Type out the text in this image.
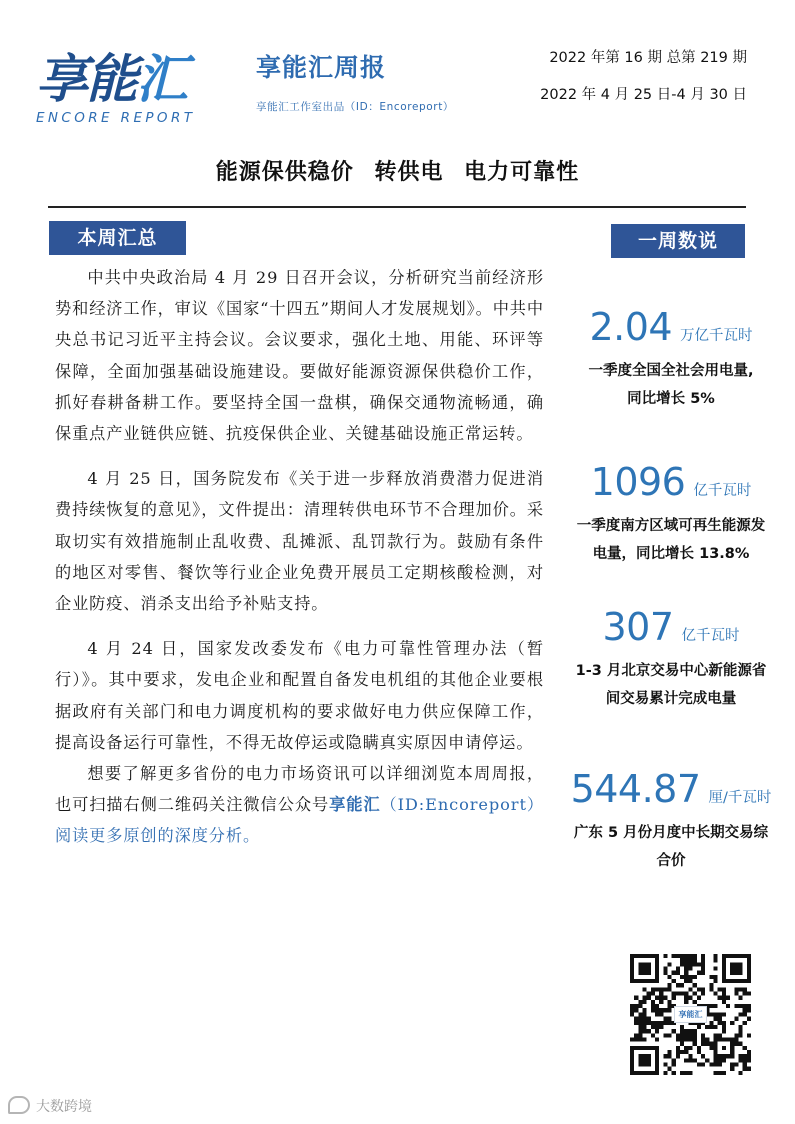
享能汇
ENCORE REPORT
享能汇周报
享能汇工作室出品（ID：Encoreport）
2022 年第 16 期 总第 219 期
2022 年 4 月 25 日-4 月 30 日
能源保供稳价 转供电 电力可靠性
本周汇总	一周数说

中共中央政治局 4 月 29 日召开会议，分析研究当前经济形势和经济工作，审议《国家“十四五”期间人才发展规划》。中共中央总书记习近平主持会议。会议要求，强化土地、用能、环评等保障，全面加强基础设施建设。要做好能源资源保供稳价工作，抓好春耕备耕工作。要坚持全国一盘棋，确保交通物流畅通，确保重点产业链供应链、抗疫保供企业、关键基础设施正常运转。

4 月 25 日，国务院发布《关于进一步释放消费潜力促进消费持续恢复的意见》，文件提出：清理转供电环节不合理加价。采取切实有效措施制止乱收费、乱摊派、乱罚款行为。鼓励有条件的地区对零售、餐饮等行业企业免费开展员工定期核酸检测，对企业防疫、消杀支出给予补贴支持。

4 月 24 日，国家发改委发布《电力可靠性管理办法（暂行）》。其中要求，发电企业和配置自备发电机组的其他企业要根据政府有关部门和电力调度机构的要求做好电力供应保障工作，提高设备运行可靠性，不得无故停运或隐瞒真实原因申请停运。

想要了解更多省份的电力市场资讯可以详细浏览本周周报，也可扫描右侧二维码关注微信公众号享能汇（ID:Encoreport）阅读更多原创的深度分析。

2.04 万亿千瓦时
一季度全国全社会用电量,
同比增长 5%
1096 亿千瓦时
一季度南方区域可再生能源发
电量，同比增长 13.8%
307 亿千瓦时
1-3 月北京交易中心新能源省
间交易累计完成电量
544.87 厘/千瓦时
广东 5 月份月度中长期交易综
合价
享能汇
大数跨境
